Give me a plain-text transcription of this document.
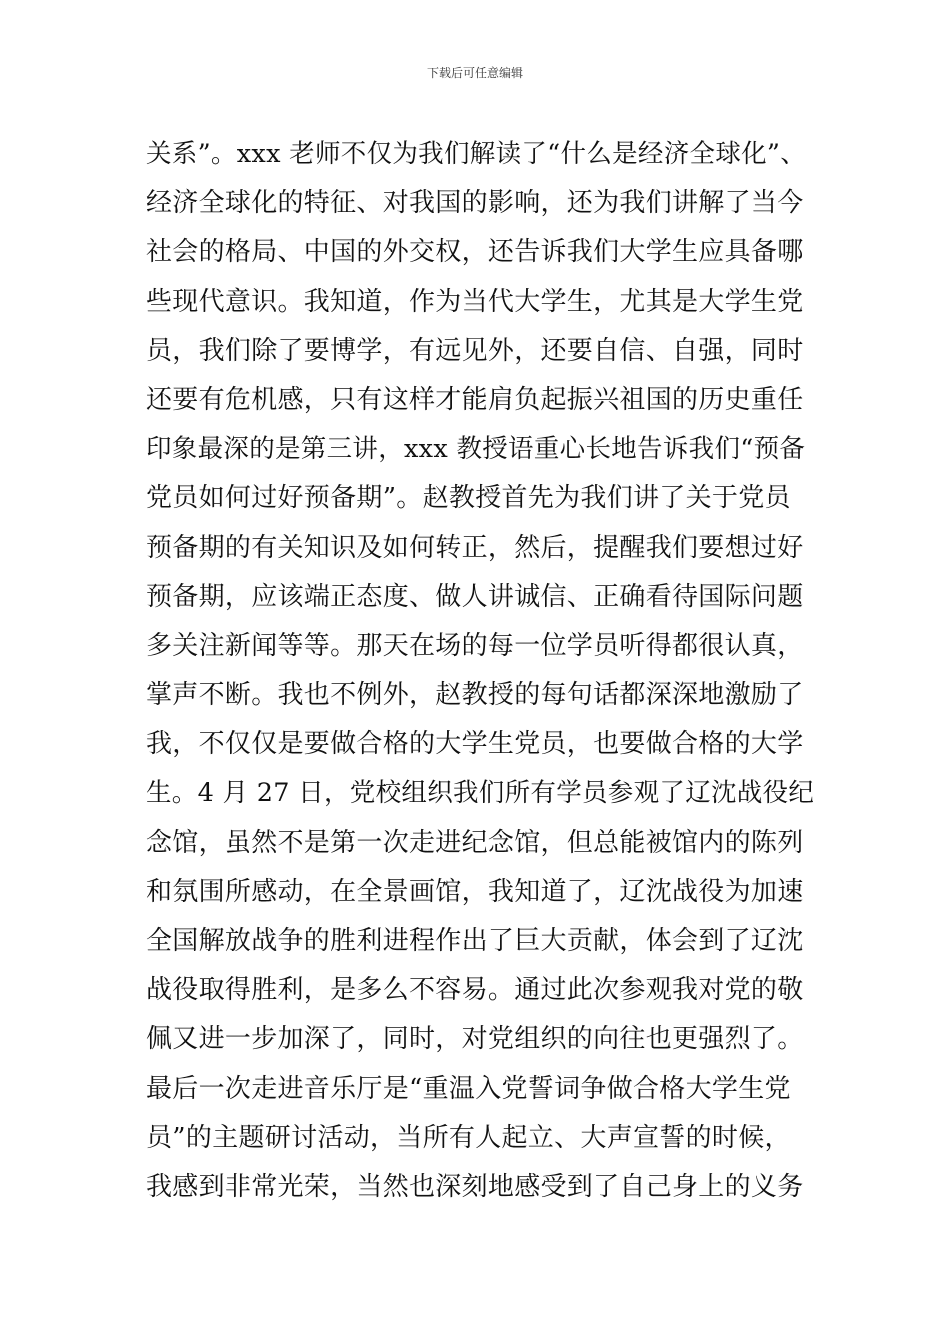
下载后可任意编辑
关系”。xxx 老师不仅为我们解读了“什么是经济全球化”、
经济全球化的特征、对我国的影响，还为我们讲解了当今
社会的格局、中国的外交权，还告诉我们大学生应具备哪
些现代意识。我知道，作为当代大学生，尤其是大学生党
员，我们除了要博学，有远见外，还要自信、自强，同时
还要有危机感，只有这样才能肩负起振兴祖国的历史重任
印象最深的是第三讲，xxx 教授语重心长地告诉我们“预备
党员如何过好预备期”。赵教授首先为我们讲了关于党员
预备期的有关知识及如何转正，然后，提醒我们要想过好
预备期，应该端正态度、做人讲诚信、正确看待国际问题
多关注新闻等等。那天在场的每一位学员听得都很认真，
掌声不断。我也不例外，赵教授的每句话都深深地激励了
我，不仅仅是要做合格的大学生党员，也要做合格的大学
生。4 月 27 日，党校组织我们所有学员参观了辽沈战役纪
念馆，虽然不是第一次走进纪念馆，但总能被馆内的陈列
和氛围所感动，在全景画馆，我知道了，辽沈战役为加速
全国解放战争的胜利进程作出了巨大贡献，体会到了辽沈
战役取得胜利，是多么不容易。通过此次参观我对党的敬
佩又进一步加深了，同时，对党组织的向往也更强烈了。
最后一次走进音乐厅是“重温入党誓词争做合格大学生党
员”的主题研讨活动，当所有人起立、大声宣誓的时候，
我感到非常光荣，当然也深刻地感受到了自己身上的义务
